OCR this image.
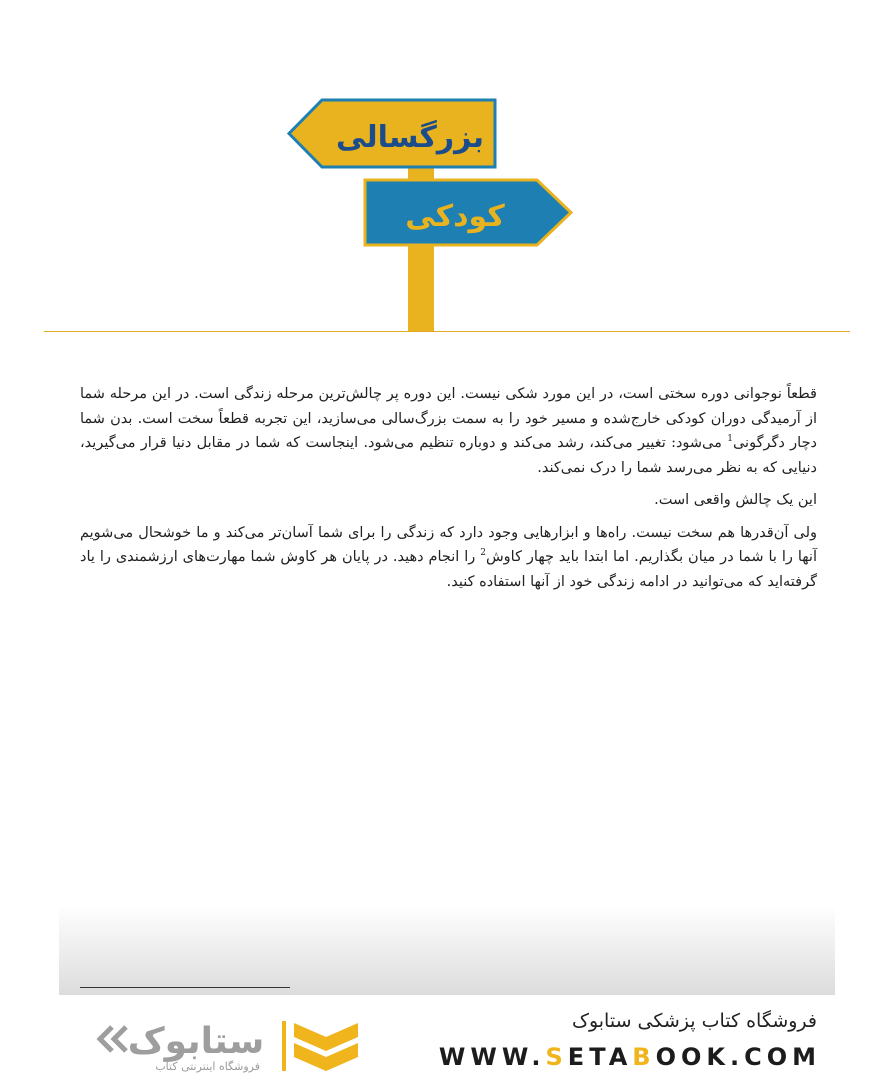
بزرگسالی
کودکی

قطعاً نوجوانی دوره سختی است، در این مورد شکی نیست. این دوره پر چالش‌ترین مرحله زندگی است. در این مرحله شما از آرمیدگی دوران کودکی خارج‌شده و مسیر خود را به سمت بزرگ‌سالی می‌سازید، این تجربه قطعاً سخت است. بدن شما دچار دگرگونی$^1$ می‌شود: تغییر می‌کند، رشد می‌کند و دوباره تنظیم می‌شود. اینجاست که شما در مقابل دنیا قرار می‌گیرید، دنیایی که به نظر می‌رسد شما را درک نمی‌کند.

این یک چالش واقعی است.

ولی آن‌قدرها هم سخت نیست. راه‌ها و ابزارهایی وجود دارد که زندگی را برای شما آسان‌تر می‌کند و ما خوشحال می‌شویم آنها را با شما در میان بگذاریم. اما ابتدا باید چهار کاوش$^2$ را انجام دهید. در پایان هر کاوش شما مهارت‌های ارزشمندی را یاد گرفته‌اید که می‌توانید در ادامه زندگی خود از آنها استفاده کنید.

ستابوک
فروشگاه اینترنتی کتاب
فروشگاه کتاب پزشکی ستابوک
WWW.SETABOOK.COM
